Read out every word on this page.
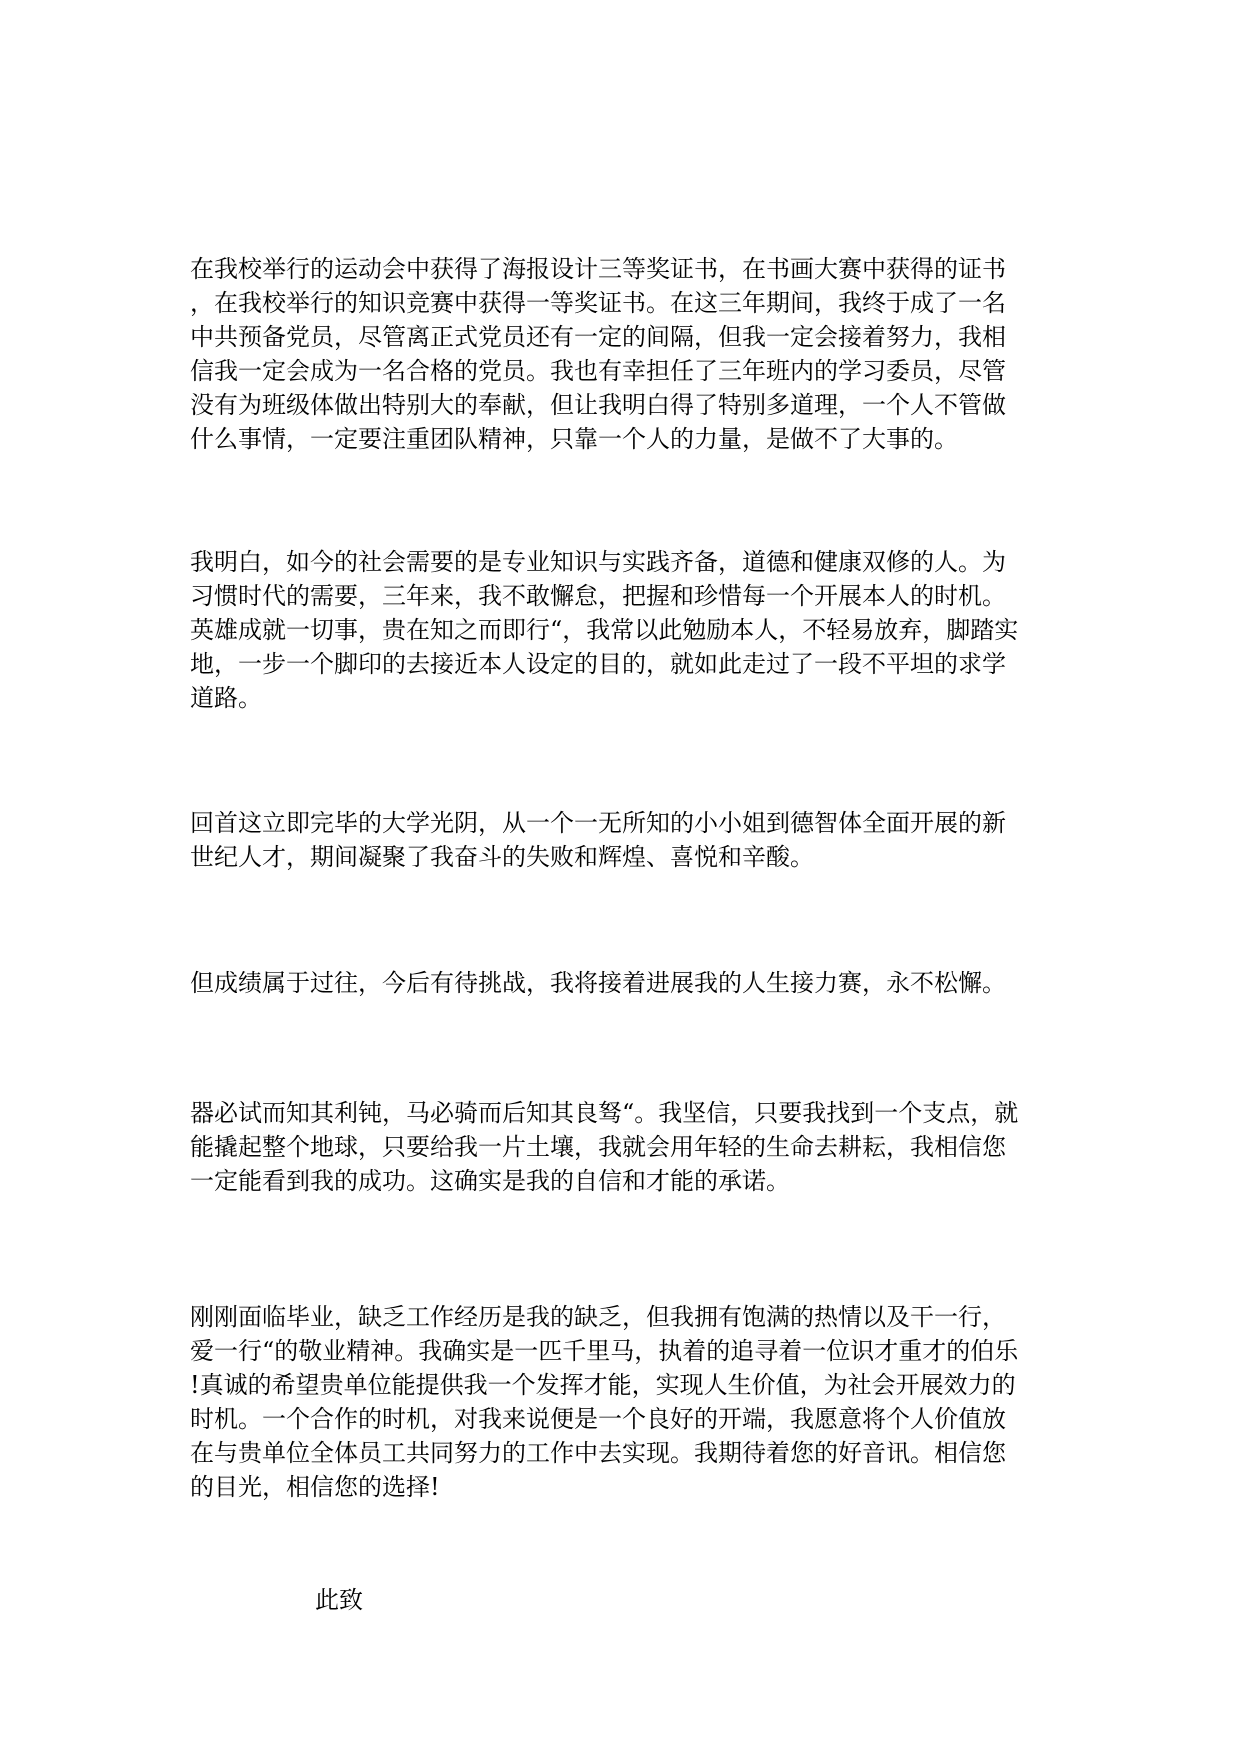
在我校举行的运动会中获得了海报设计三等奖证书，在书画大赛中获得的证书
，在我校举行的知识竞赛中获得一等奖证书。在这三年期间，我终于成了一名
中共预备党员，尽管离正式党员还有一定的间隔，但我一定会接着努力，我相
信我一定会成为一名合格的党员。我也有幸担任了三年班内的学习委员，尽管
没有为班级体做出特别大的奉献，但让我明白得了特别多道理，一个人不管做
什么事情，一定要注重团队精神，只靠一个人的力量，是做不了大事的。

我明白，如今的社会需要的是专业知识与实践齐备，道德和健康双修的人。为
习惯时代的需要，三年来，我不敢懈怠，把握和珍惜每一个开展本人的时机。
英雄成就一切事，贵在知之而即行“，我常以此勉励本人，不轻易放弃，脚踏实
地，一步一个脚印的去接近本人设定的目的，就如此走过了一段不平坦的求学
道路。

回首这立即完毕的大学光阴，从一个一无所知的小小姐到德智体全面开展的新
世纪人才，期间凝聚了我奋斗的失败和辉煌、喜悦和辛酸。

但成绩属于过往，今后有待挑战，我将接着进展我的人生接力赛，永不松懈。

器必试而知其利钝，马必骑而后知其良驽“。我坚信，只要我找到一个支点，就
能撬起整个地球，只要给我一片土壤，我就会用年轻的生命去耕耘，我相信您
一定能看到我的成功。这确实是我的自信和才能的承诺。

刚刚面临毕业，缺乏工作经历是我的缺乏，但我拥有饱满的热情以及干一行，
爱一行“的敬业精神。我确实是一匹千里马，执着的追寻着一位识才重才的伯乐
!真诚的希望贵单位能提供我一个发挥才能，实现人生价值，为社会开展效力的
时机。一个合作的时机，对我来说便是一个良好的开端，我愿意将个人价值放
在与贵单位全体员工共同努力的工作中去实现。我期待着您的好音讯。相信您
的目光，相信您的选择!

此致
